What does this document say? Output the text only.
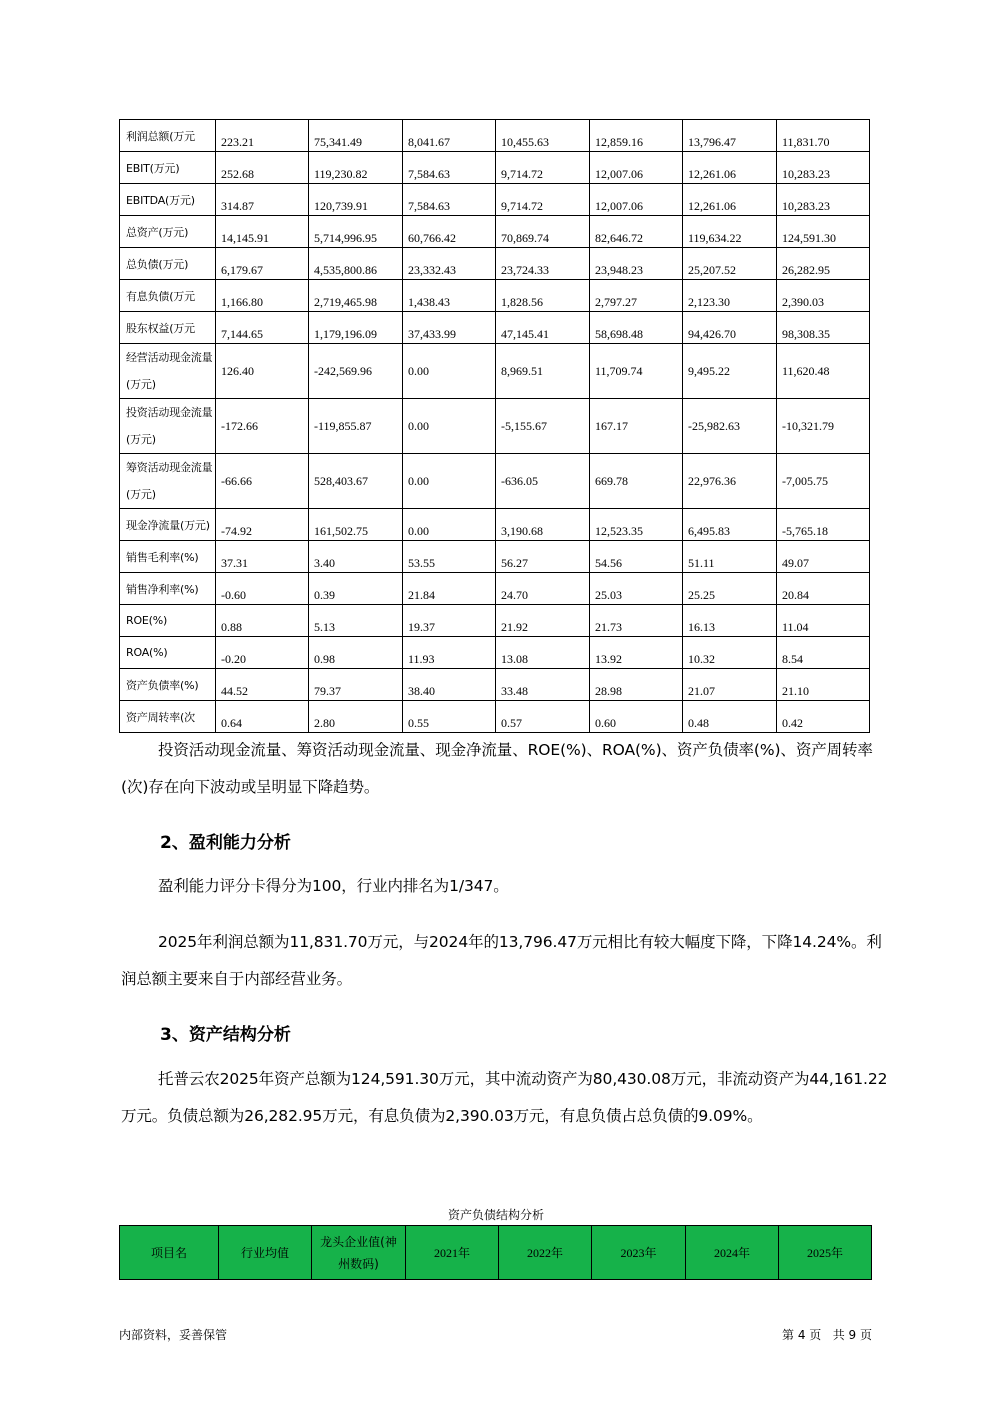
利润总额(万元	223.21	75,341.49	8,041.67	10,455.63	12,859.16	13,796.47	11,831.70
EBIT(万元)	252.68	119,230.82	7,584.63	9,714.72	12,007.06	12,261.06	10,283.23
EBITDA(万元)	314.87	120,739.91	7,584.63	9,714.72	12,007.06	12,261.06	10,283.23
总资产(万元)	14,145.91	5,714,996.95	60,766.42	70,869.74	82,646.72	119,634.22	124,591.30
总负债(万元)	6,179.67	4,535,800.86	23,332.43	23,724.33	23,948.23	25,207.52	26,282.95
有息负债(万元	1,166.80	2,719,465.98	1,438.43	1,828.56	2,797.27	2,123.30	2,390.03
股东权益(万元	7,144.65	1,179,196.09	37,433.99	47,145.41	58,698.48	94,426.70	98,308.35
经营活动现金流量(万元)	126.40	-242,569.96	0.00	8,969.51	11,709.74	9,495.22	11,620.48
投资活动现金流量(万元)	-172.66	-119,855.87	0.00	-5,155.67	167.17	-25,982.63	-10,321.79
筹资活动现金流量(万元)	-66.66	528,403.67	0.00	-636.05	669.78	22,976.36	-7,005.75
现金净流量(万元)	-74.92	161,502.75	0.00	3,190.68	12,523.35	6,495.83	-5,765.18
销售毛利率(%)	37.31	3.40	53.55	56.27	54.56	51.11	49.07
销售净利率(%)	-0.60	0.39	21.84	24.70	25.03	25.25	20.84
ROE(%)	0.88	5.13	19.37	21.92	21.73	16.13	11.04
ROA(%)	-0.20	0.98	11.93	13.08	13.92	10.32	8.54
资产负债率(%)	44.52	79.37	38.40	33.48	28.98	21.07	21.10
资产周转率(次	0.64	2.80	0.55	0.57	0.60	0.48	0.42
投资活动现金流量、筹资活动现金流量、现金净流量、ROE(%)、ROA(%)、资产负债率(%)、资产周转率(次)存在向下波动或呈明显下降趋势。
2、盈利能力分析
盈利能力评分卡得分为100，行业内排名为1/347。
2025年利润总额为11,831.70万元，与2024年的13,796.47万元相比有较大幅度下降，下降14.24%。利润总额主要来自于内部经营业务。
3、资产结构分析
托普云农2025年资产总额为124,591.30万元，其中流动资产为80,430.08万元，非流动资产为44,161.22万元。负债总额为26,282.95万元，有息负债为2,390.03万元，有息负债占总负债的9.09%。
资产负债结构分析
项目名	行业均值	龙头企业值(神州数码)	2021年	2022年	2023年	2024年	2025年
内部资料，妥善保管	第 4 页   共 9 页
